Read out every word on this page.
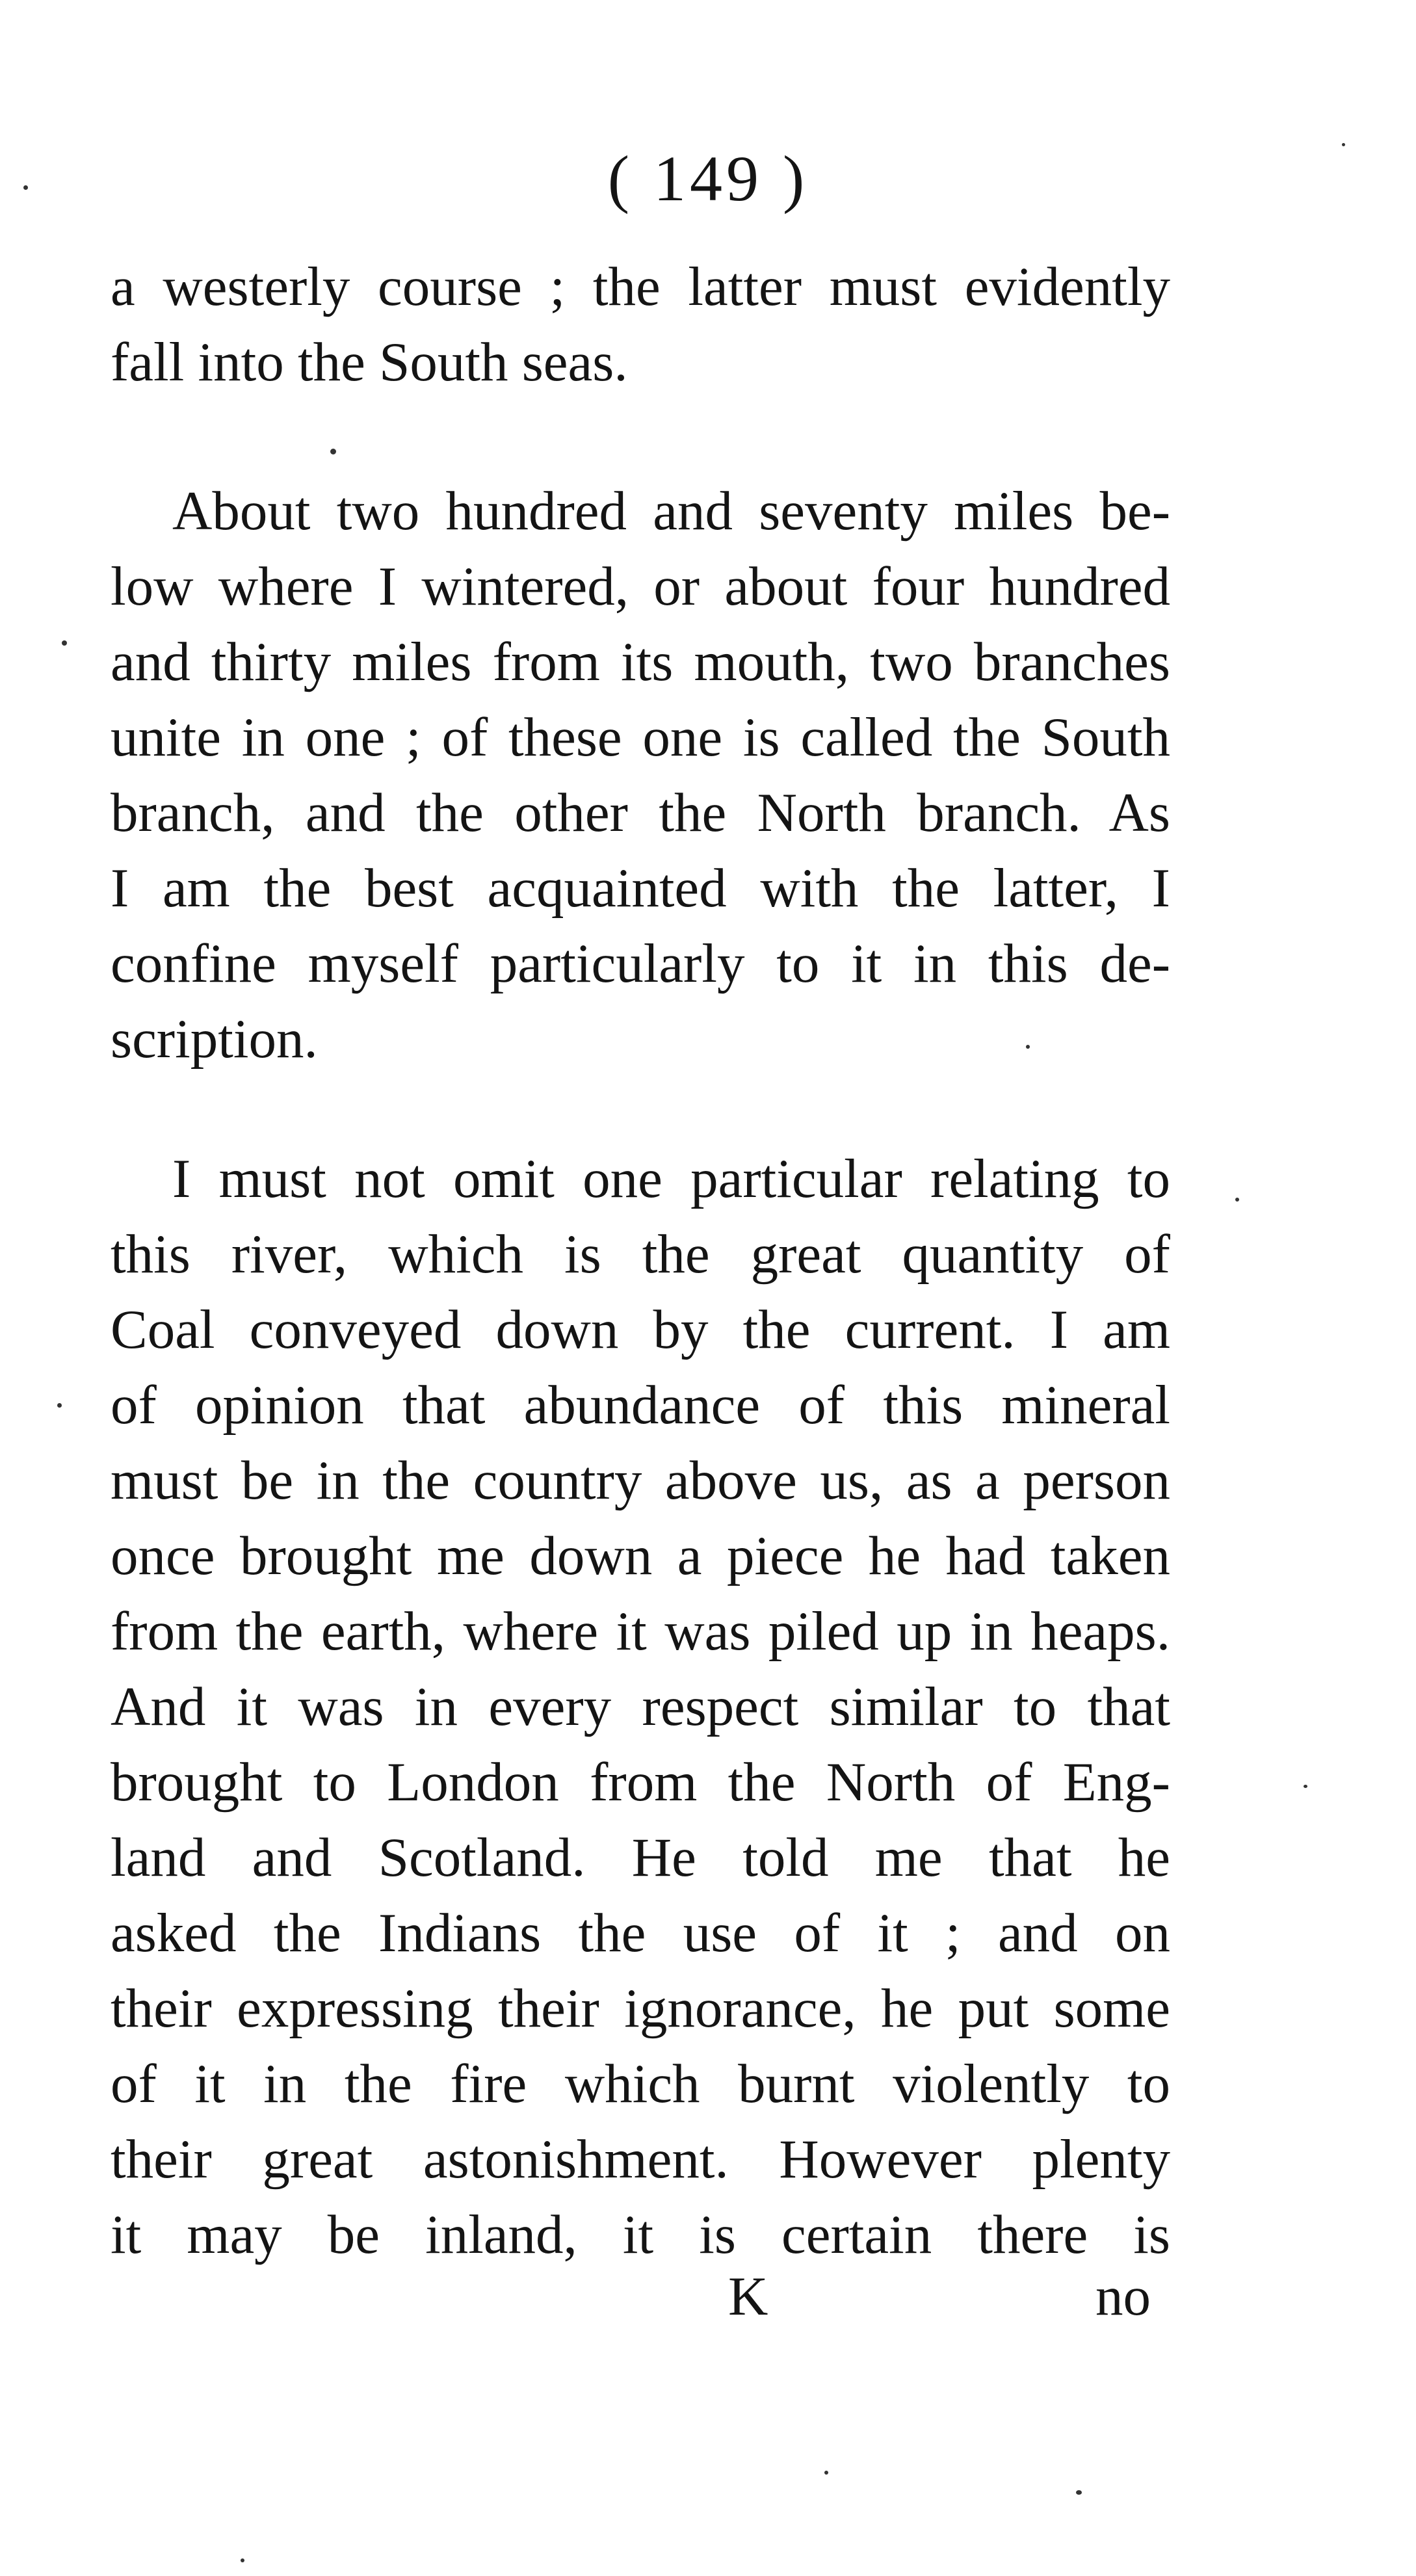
( 149 )
a westerly course ; the latter must evidently
fall into the South seas.
About two hundred and seventy miles be-
low where I wintered, or about four hundred
and thirty miles from its mouth, two branches
unite in one ; of these one is called the South
branch, and the other the North branch. As
I am the best acquainted with the latter, I
confine myself particularly to it in this de-
scription.
I must not omit one particular relating to
this river, which is the great quantity of
Coal conveyed down by the current. I am
of opinion that abundance of this mineral
must be in the country above us, as a person
once brought me down a piece he had taken
from the earth, where it was piled up in heaps.
And it was in every respect similar to that
brought to London from the North of Eng-
land and Scotland. He told me that he
asked the Indians the use of it ; and on
their expressing their ignorance, he put some
of it in the fire which burnt violently to
their great astonishment. However plenty
it may be inland, it is certain there is
K	no
